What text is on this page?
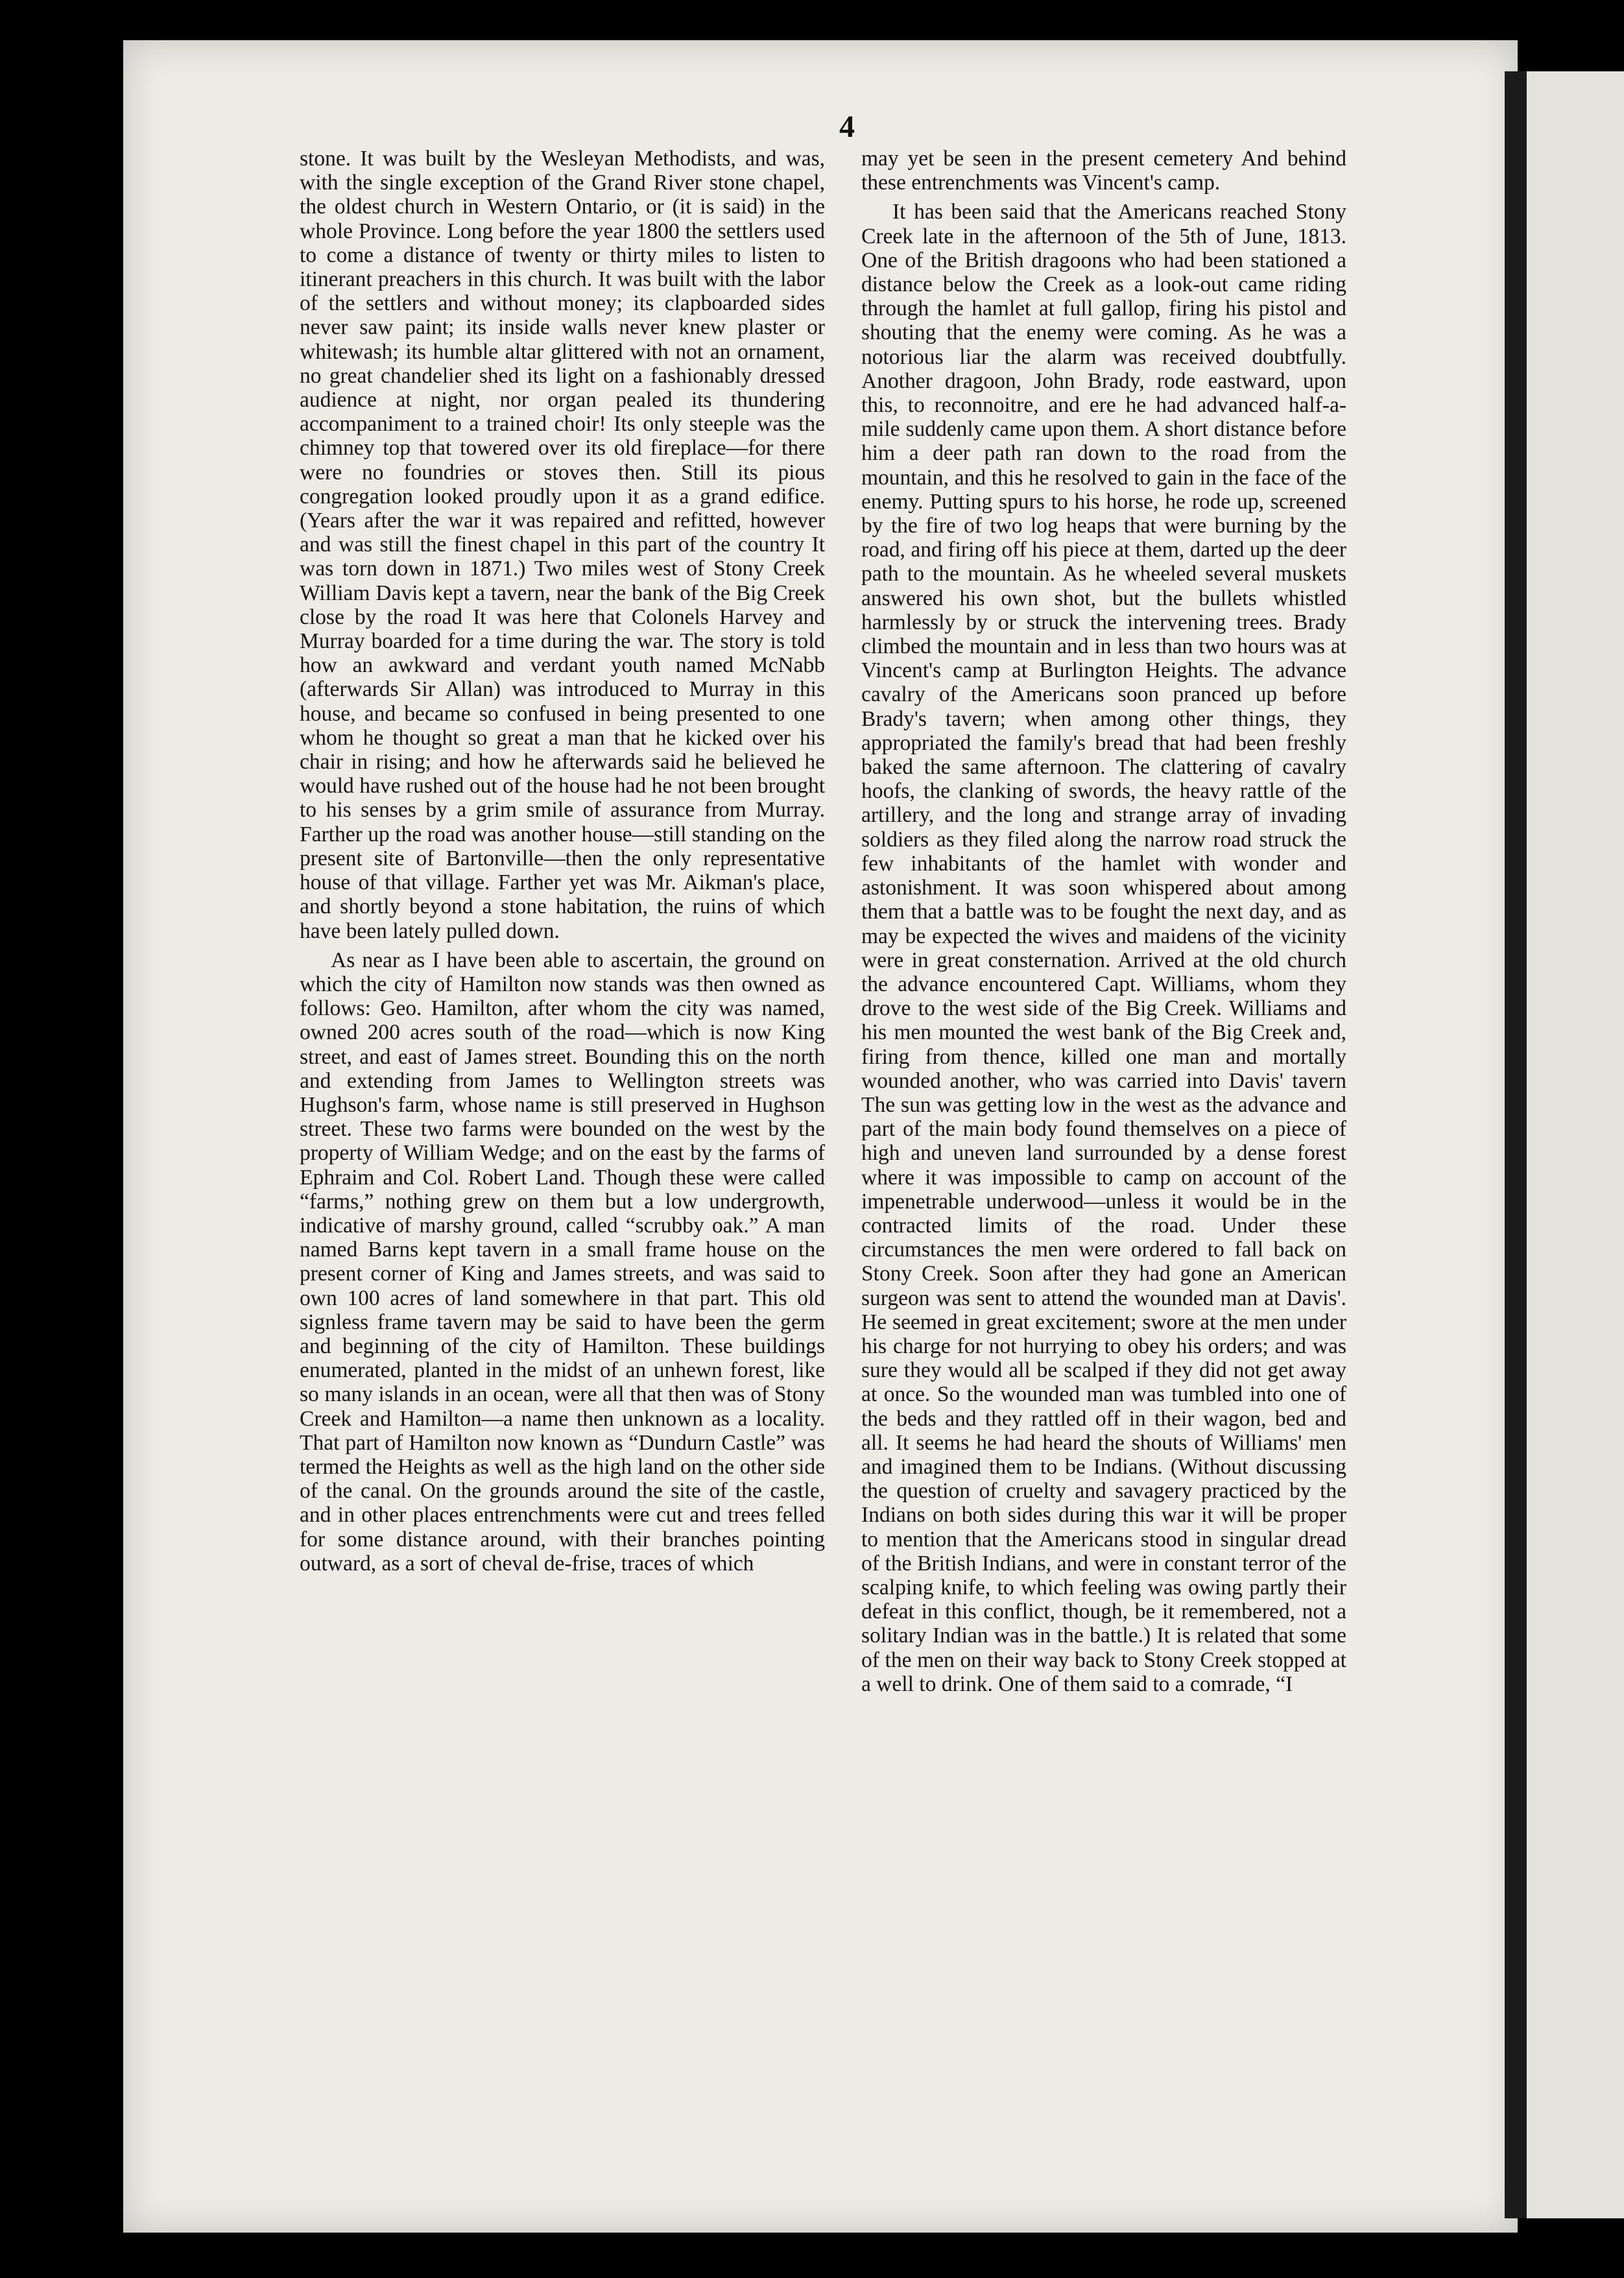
4

stone. It was built by the Wesleyan Methodists, and was, with the single exception of the Grand River stone chapel, the oldest church in Western Ontario, or (it is said) in the whole Province. Long before the year 1800 the settlers used to come a distance of twenty or thirty miles to listen to itinerant preachers in this church. It was built with the labor of the settlers and without money; its clapboarded sides never saw paint; its inside walls never knew plaster or whitewash; its humble altar glittered with not an ornament, no great chandelier shed its light on a fashionably dressed audience at night, nor organ pealed its thundering accompaniment to a trained choir! Its only steeple was the chimney top that towered over its old fireplace—for there were no foundries or stoves then. Still its pious congregation looked proudly upon it as a grand edifice. (Years after the war it was repaired and refitted, however and was still the finest chapel in this part of the country It was torn down in 1871.) Two miles west of Stony Creek William Davis kept a tavern, near the bank of the Big Creek close by the road It was here that Colonels Harvey and Murray boarded for a time during the war. The story is told how an awkward and verdant youth named McNabb (afterwards Sir Allan) was introduced to Murray in this house, and became so confused in being presented to one whom he thought so great a man that he kicked over his chair in rising; and how he afterwards said he believed he would have rushed out of the house had he not been brought to his senses by a grim smile of assurance from Murray. Farther up the road was another house—still standing on the present site of Bartonville—then the only representative house of that village. Farther yet was Mr. Aikman's place, and shortly beyond a stone habitation, the ruins of which have been lately pulled down.

As near as I have been able to ascertain, the ground on which the city of Hamilton now stands was then owned as follows: Geo. Hamilton, after whom the city was named, owned 200 acres south of the road—which is now King street, and east of James street. Bounding this on the north and extending from James to Wellington streets was Hughson's farm, whose name is still preserved in Hughson street. These two farms were bounded on the west by the property of William Wedge; and on the east by the farms of Ephraim and Col. Robert Land. Though these were called “farms,” nothing grew on them but a low undergrowth, indicative of marshy ground, called “scrubby oak.” A man named Barns kept tavern in a small frame house on the present corner of King and James streets, and was said to own 100 acres of land somewhere in that part. This old signless frame tavern may be said to have been the germ and beginning of the city of Hamilton. These buildings enumerated, planted in the midst of an unhewn forest, like so many islands in an ocean, were all that then was of Stony Creek and Hamilton—a name then unknown as a locality. That part of Hamilton now known as “Dundurn Castle” was termed the Heights as well as the high land on the other side of the canal. On the grounds around the site of the castle, and in other places entrenchments were cut and trees felled for some distance around, with their branches pointing outward, as a sort of cheval de-frise, traces of which

may yet be seen in the present cemetery And behind these entrenchments was Vincent's camp.

It has been said that the Americans reached Stony Creek late in the afternoon of the 5th of June, 1813. One of the British dragoons who had been stationed a distance below the Creek as a look-out came riding through the hamlet at full gallop, firing his pistol and shouting that the enemy were coming. As he was a notorious liar the alarm was received doubtfully. Another dragoon, John Brady, rode eastward, upon this, to reconnoitre, and ere he had advanced half-a-mile suddenly came upon them. A short distance before him a deer path ran down to the road from the mountain, and this he resolved to gain in the face of the enemy. Putting spurs to his horse, he rode up, screened by the fire of two log heaps that were burning by the road, and firing off his piece at them, darted up the deer path to the mountain. As he wheeled several muskets answered his own shot, but the bullets whistled harmlessly by or struck the intervening trees. Brady climbed the mountain and in less than two hours was at Vincent's camp at Burlington Heights. The advance cavalry of the Americans soon pranced up before Brady's tavern; when among other things, they appropriated the family's bread that had been freshly baked the same afternoon. The clattering of cavalry hoofs, the clanking of swords, the heavy rattle of the artillery, and the long and strange array of invading soldiers as they filed along the narrow road struck the few inhabitants of the hamlet with wonder and astonishment. It was soon whispered about among them that a battle was to be fought the next day, and as may be expected the wives and maidens of the vicinity were in great consternation. Arrived at the old church the advance encountered Capt. Williams, whom they drove to the west side of the Big Creek. Williams and his men mounted the west bank of the Big Creek and, firing from thence, killed one man and mortally wounded another, who was carried into Davis' tavern The sun was getting low in the west as the advance and part of the main body found themselves on a piece of high and uneven land surrounded by a dense forest where it was impossible to camp on account of the impenetrable underwood—unless it would be in the contracted limits of the road. Under these circumstances the men were ordered to fall back on Stony Creek. Soon after they had gone an American surgeon was sent to attend the wounded man at Davis'. He seemed in great excitement; swore at the men under his charge for not hurrying to obey his orders; and was sure they would all be scalped if they did not get away at once. So the wounded man was tumbled into one of the beds and they rattled off in their wagon, bed and all. It seems he had heard the shouts of Williams' men and imagined them to be Indians. (Without discussing the question of cruelty and savagery practiced by the Indians on both sides during this war it will be proper to mention that the Americans stood in singular dread of the British Indians, and were in constant terror of the scalping knife, to which feeling was owing partly their defeat in this conflict, though, be it remembered, not a solitary Indian was in the battle.) It is related that some of the men on their way back to Stony Creek stopped at a well to drink. One of them said to a comrade, “I
